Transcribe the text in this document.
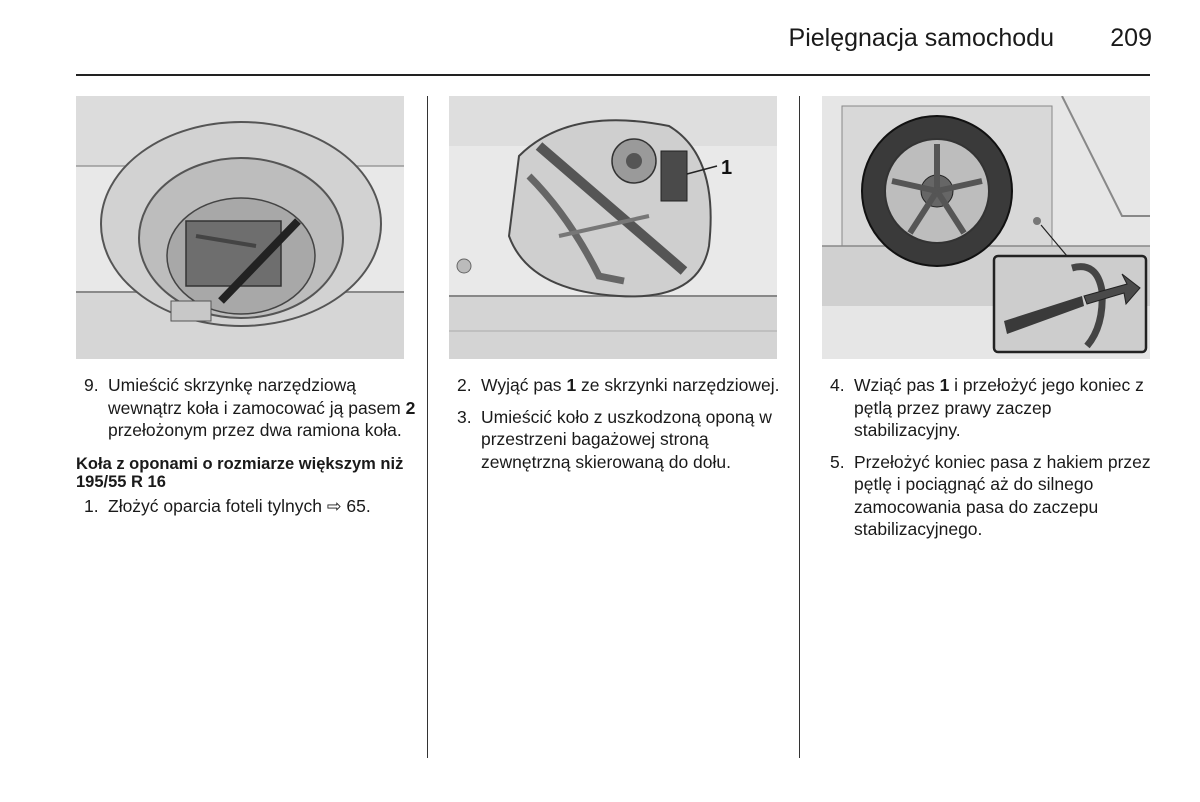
Pielęgnacja samochodu 209
1
9. Umieścić skrzynkę narzędziową wewnątrz koła i zamocować ją pasem 2 przełożonym przez dwa ramiona koła.
Koła z oponami o rozmiarze większym niż 195/55 R 16
1. Złożyć oparcia foteli tylnych ⇨ 65.
2. Wyjąć pas 1 ze skrzynki narzędziowej.
3. Umieścić koło z uszkodzoną oponą w przestrzeni bagażowej stroną zewnętrzną skierowaną do dołu.
4. Wziąć pas 1 i przełożyć jego koniec z pętlą przez prawy zaczep stabilizacyjny.
5. Przełożyć koniec pasa z hakiem przez pętlę i pociągnąć aż do silnego zamocowania pasa do zaczepu stabilizacyjnego.
